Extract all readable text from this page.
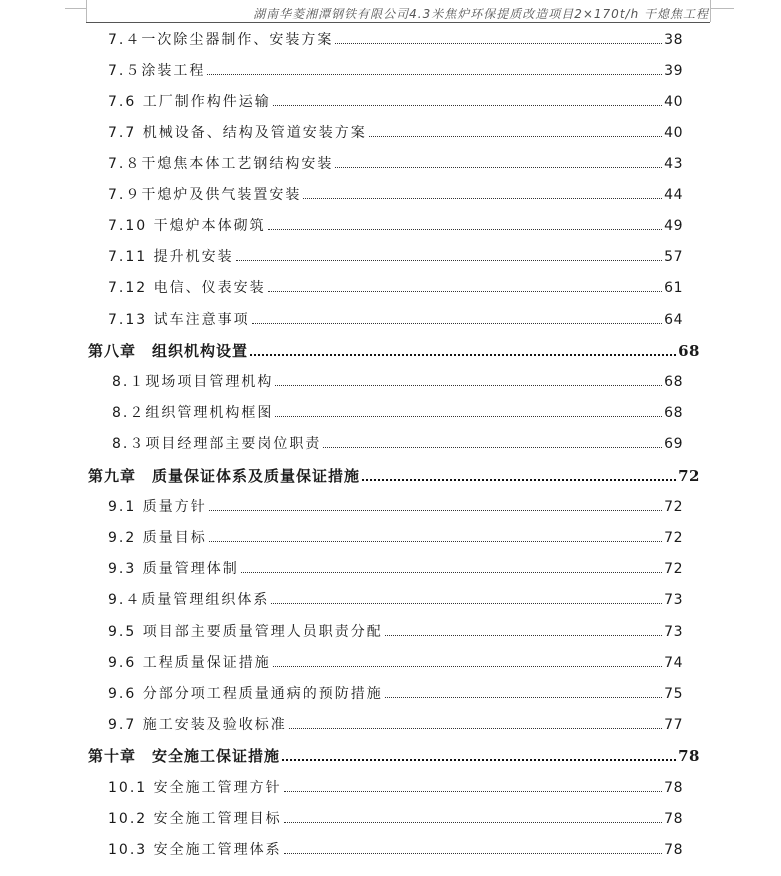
湖南华菱湘潭钢铁有限公司4.3米焦炉环保提质改造项目2×170t/h 干熄焦工程
7.４一次除尘器制作、安装方案	38
7.５涂装工程	39
7.6 工厂制作构件运输	40
7.7 机械设备、结构及管道安装方案	40
7.８干熄焦本体工艺钢结构安装	43
7.９干熄炉及供气装置安装	44
7.10 干熄炉本体砌筑	49
7.11 提升机安装	57
7.12 电信、仪表安装	61
7.13 试车注意事项	64
第八章　组织机构设置	68
8.１现场项目管理机构	68
8.２组织管理机构框图	68
8.３项目经理部主要岗位职责	69
第九章　质量保证体系及质量保证措施	72
9.1 质量方针	72
9.2 质量目标	72
9.3 质量管理体制	72
9.４质量管理组织体系	73
9.5 项目部主要质量管理人员职责分配	73
9.6 工程质量保证措施	74
9.6 分部分项工程质量通病的预防措施	75
9.7 施工安装及验收标准	77
第十章　安全施工保证措施	78
10.1 安全施工管理方针	78
10.2 安全施工管理目标	78
10.3 安全施工管理体系	78
